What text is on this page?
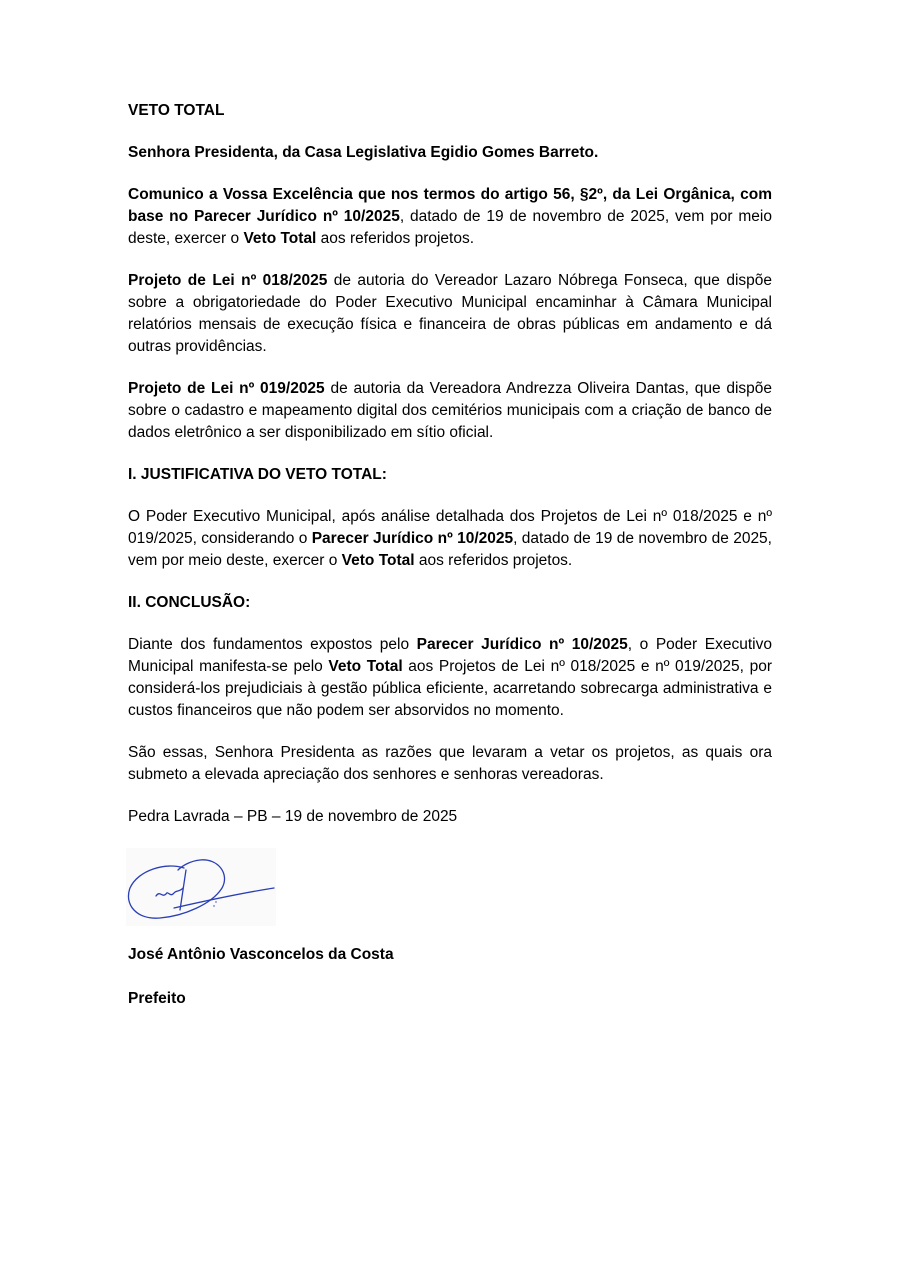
VETO TOTAL

Senhora Presidenta, da Casa Legislativa Egidio Gomes Barreto.

Comunico a Vossa Excelência que nos termos do artigo 56, §2º, da Lei Orgânica, com base no Parecer Jurídico nº 10/2025, datado de 19 de novembro de 2025, vem por meio deste, exercer o Veto Total aos referidos projetos.

Projeto de Lei nº 018/2025 de autoria do Vereador Lazaro Nóbrega Fonseca, que dispõe sobre a obrigatoriedade do Poder Executivo Municipal encaminhar à Câmara Municipal relatórios mensais de execução física e financeira de obras públicas em andamento e dá outras providências.

Projeto de Lei nº 019/2025 de autoria da Vereadora Andrezza Oliveira Dantas, que dispõe sobre o cadastro e mapeamento digital dos cemitérios municipais com a criação de banco de dados eletrônico a ser disponibilizado em sítio oficial.

I. JUSTIFICATIVA DO VETO TOTAL:

O Poder Executivo Municipal, após análise detalhada dos Projetos de Lei nº 018/2025 e nº 019/2025, considerando o Parecer Jurídico nº 10/2025, datado de 19 de novembro de 2025, vem por meio deste, exercer o Veto Total aos referidos projetos.

II. CONCLUSÃO:

Diante dos fundamentos expostos pelo Parecer Jurídico nº 10/2025, o Poder Executivo Municipal manifesta-se pelo Veto Total aos Projetos de Lei nº 018/2025 e nº 019/2025, por considerá-los prejudiciais à gestão pública eficiente, acarretando sobrecarga administrativa e custos financeiros que não podem ser absorvidos no momento.

São essas, Senhora Presidenta as razões que levaram a vetar os projetos, as quais ora submeto a elevada apreciação dos senhores e senhoras vereadoras.

Pedra Lavrada – PB – 19 de novembro de 2025

José Antônio Vasconcelos da Costa

Prefeito
